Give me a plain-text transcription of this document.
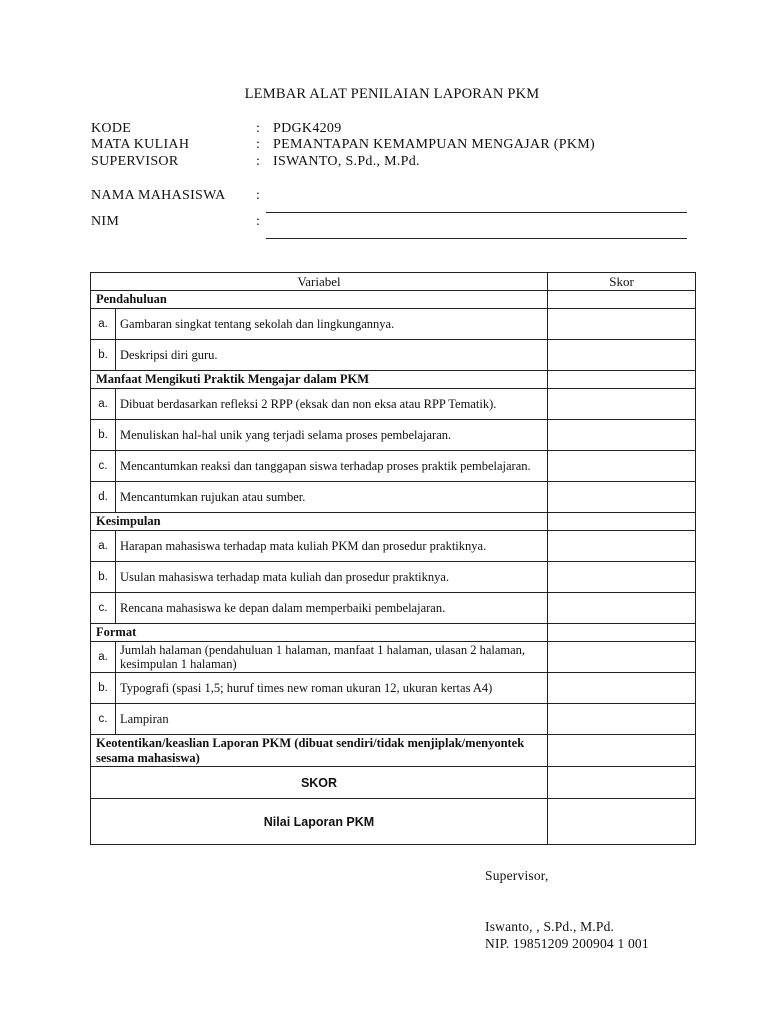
LEMBAR ALAT PENILAIAN LAPORAN PKM
KODE	: PDGK4209
MATA KULIAH	: PEMANTAPAN KEMAMPUAN MENGAJAR (PKM)
SUPERVISOR	: ISWANTO, S.Pd., M.Pd.
NAMA MAHASISWA	:
NIM	:
Variabel		Skor
Pendahuluan		
a.	Gambaran singkat tentang sekolah dan lingkungannya.	
b.	Deskripsi diri guru.	
Manfaat Mengikuti Praktik Mengajar dalam PKM		
a.	Dibuat berdasarkan refleksi 2 RPP (eksak dan non eksa atau RPP Tematik).	
b.	Menuliskan hal-hal unik yang terjadi selama proses pembelajaran.	
c.	Mencantumkan reaksi dan tanggapan siswa terhadap proses praktik pembelajaran.	
d.	Mencantumkan rujukan atau sumber.	
Kesimpulan		
a.	Harapan mahasiswa terhadap mata kuliah PKM dan prosedur praktiknya.	
b.	Usulan mahasiswa terhadap mata kuliah dan prosedur praktiknya.	
c.	Rencana mahasiswa ke depan dalam memperbaiki pembelajaran.	
Format		
a.	Jumlah halaman (pendahuluan 1 halaman, manfaat 1 halaman, ulasan 2 halaman, kesimpulan 1 halaman)	
b.	Typografi (spasi 1,5; huruf times new roman ukuran 12, ukuran kertas A4)	
c.	Lampiran	
Keotentikan/keaslian Laporan PKM (dibuat sendiri/tidak menjiplak/menyontek sesama mahasiswa)		
SKOR		
Nilai Laporan PKM		
Supervisor,
Iswanto, , S.Pd., M.Pd.
NIP. 19851209 200904 1 001
